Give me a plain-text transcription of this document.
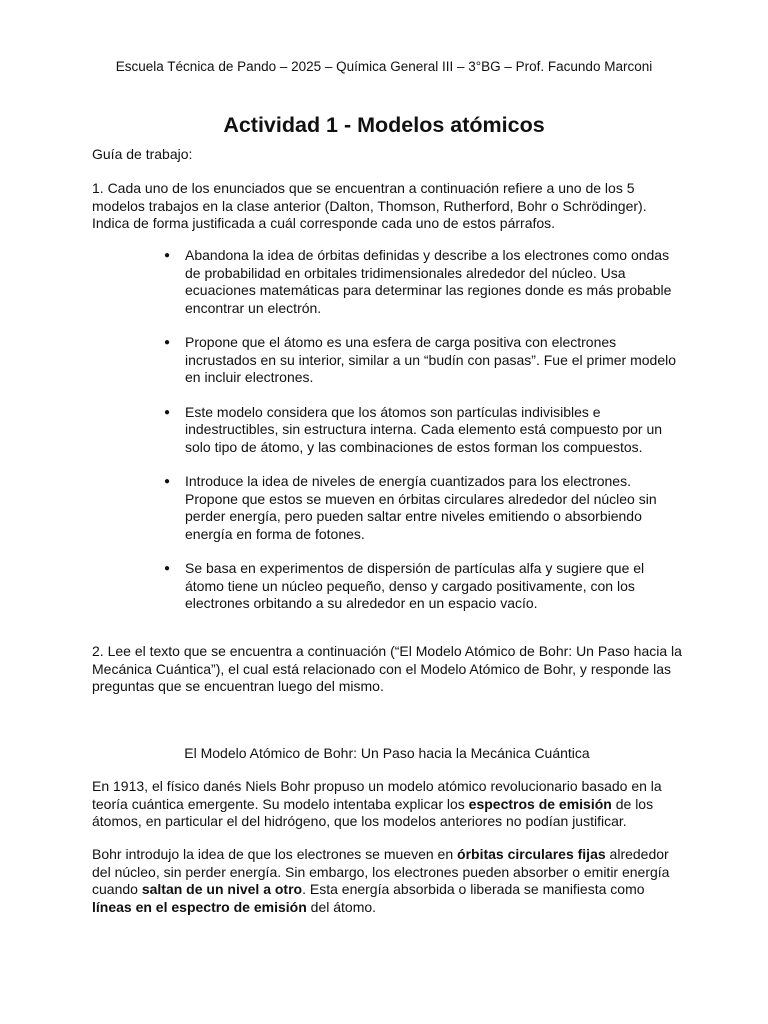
Escuela Técnica de Pando – 2025 – Química General III – 3°BG – Prof. Facundo Marconi
Actividad 1 - Modelos atómicos

Guía de trabajo:

1. Cada uno de los enunciados que se encuentran a continuación refiere a uno de los 5 modelos trabajos en la clase anterior (Dalton, Thomson, Rutherford, Bohr o Schrödinger). Indica de forma justificada a cuál corresponde cada uno de estos párrafos.

● Abandona la idea de órbitas definidas y describe a los electrones como ondas de probabilidad en orbitales tridimensionales alrededor del núcleo. Usa ecuaciones matemáticas para determinar las regiones donde es más probable encontrar un electrón.
● Propone que el átomo es una esfera de carga positiva con electrones incrustados en su interior, similar a un “budín con pasas”. Fue el primer modelo en incluir electrones.
● Este modelo considera que los átomos son partículas indivisibles e indestructibles, sin estructura interna. Cada elemento está compuesto por un solo tipo de átomo, y las combinaciones de estos forman los compuestos.
● Introduce la idea de niveles de energía cuantizados para los electrones. Propone que estos se mueven en órbitas circulares alrededor del núcleo sin perder energía, pero pueden saltar entre niveles emitiendo o absorbiendo energía en forma de fotones.
● Se basa en experimentos de dispersión de partículas alfa y sugiere que el átomo tiene un núcleo pequeño, denso y cargado positivamente, con los electrones orbitando a su alrededor en un espacio vacío.

2. Lee el texto que se encuentra a continuación (“El Modelo Atómico de Bohr: Un Paso hacia la Mecánica Cuántica”), el cual está relacionado con el Modelo Atómico de Bohr, y responde las preguntas que se encuentran luego del mismo.

El Modelo Atómico de Bohr: Un Paso hacia la Mecánica Cuántica

En 1913, el físico danés Niels Bohr propuso un modelo atómico revolucionario basado en la teoría cuántica emergente. Su modelo intentaba explicar los espectros de emisión de los átomos, en particular el del hidrógeno, que los modelos anteriores no podían justificar.

Bohr introdujo la idea de que los electrones se mueven en órbitas circulares fijas alrededor del núcleo, sin perder energía. Sin embargo, los electrones pueden absorber o emitir energía cuando saltan de un nivel a otro. Esta energía absorbida o liberada se manifiesta como líneas en el espectro de emisión del átomo.
